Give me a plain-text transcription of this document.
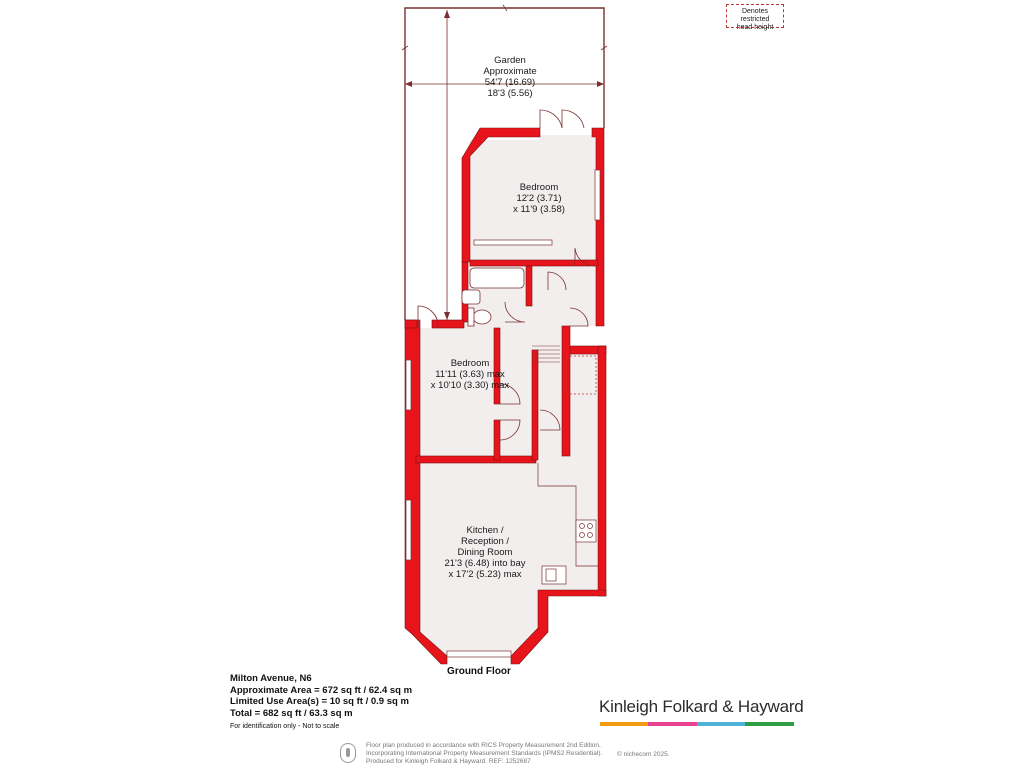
Denotes restricted
head height
Garden
Approximate
54'7 (16.69)
18'3 (5.56)
Bedroom
12'2 (3.71)
x 11'9 (3.58)
Bedroom
11'11 (3.63) max
x 10'10 (3.30) max
Kitchen /
Reception /
Dining Room
21'3 (6.48) into bay
x 17'2 (5.23) max
Ground Floor
Milton Avenue, N6
Approximate Area = 672 sq ft / 62.4 sq m
Limited Use Area(s) = 10 sq ft / 0.9 sq m
Total = 682 sq ft / 63.3 sq m
For identification only - Not to scale
Kinleigh Folkard & Hayward
Floor plan produced in accordance with RICS Property Measurement 2nd Edition,
Incorporating International Property Measurement Standards (IPMS2 Residential).
Produced for Kinleigh Folkard & Hayward. REF: 1252687
© nichecom 2025.
